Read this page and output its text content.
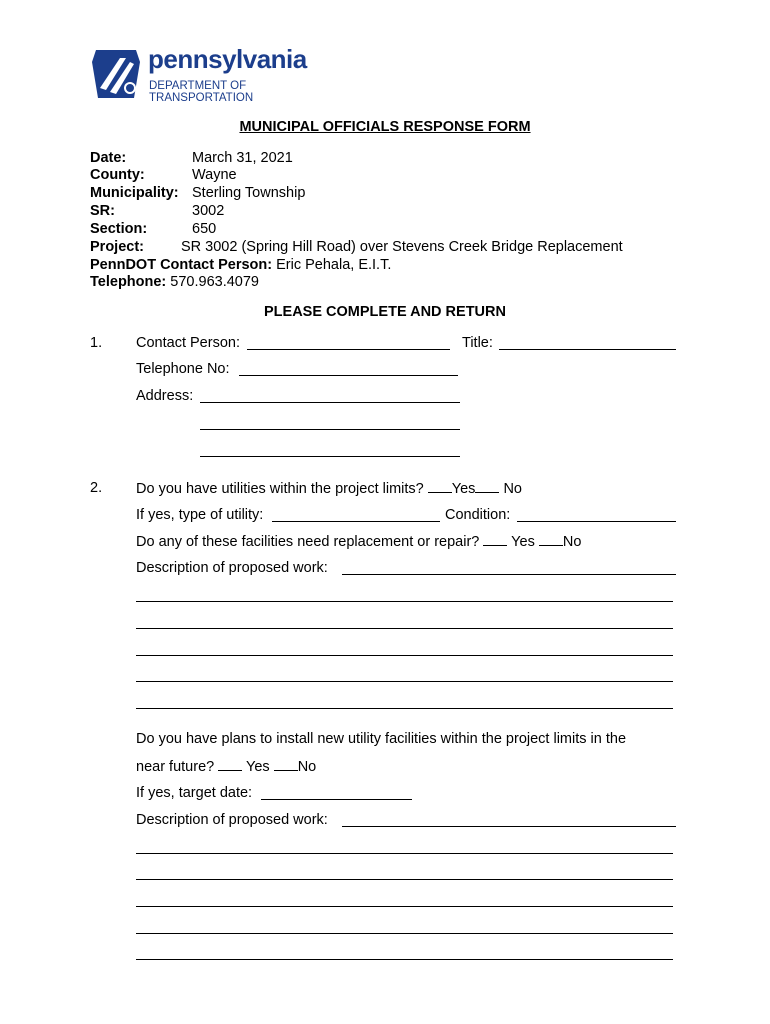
pennsylvania
DEPARTMENT OF TRANSPORTATION
MUNICIPAL OFFICIALS RESPONSE FORM
Date:	March 31, 2021
County:	Wayne
Municipality: Sterling Township
SR:	3002
Section:	650
Project:	SR 3002 (Spring Hill Road) over Stevens Creek Bridge Replacement
PennDOT Contact Person: Eric Pehala, E.I.T.
Telephone: 570.963.4079
PLEASE COMPLETE AND RETURN
1. Contact Person:	Title:
Telephone No:
Address:
2. Do you have utilities within the project limits? Yes No
If yes, type of utility:	Condition:
Do any of these facilities need replacement or repair? Yes No
Description of proposed work:
Do you have plans to install new utility facilities within the project limits in the
near future? Yes No
If yes, target date:
Description of proposed work:
